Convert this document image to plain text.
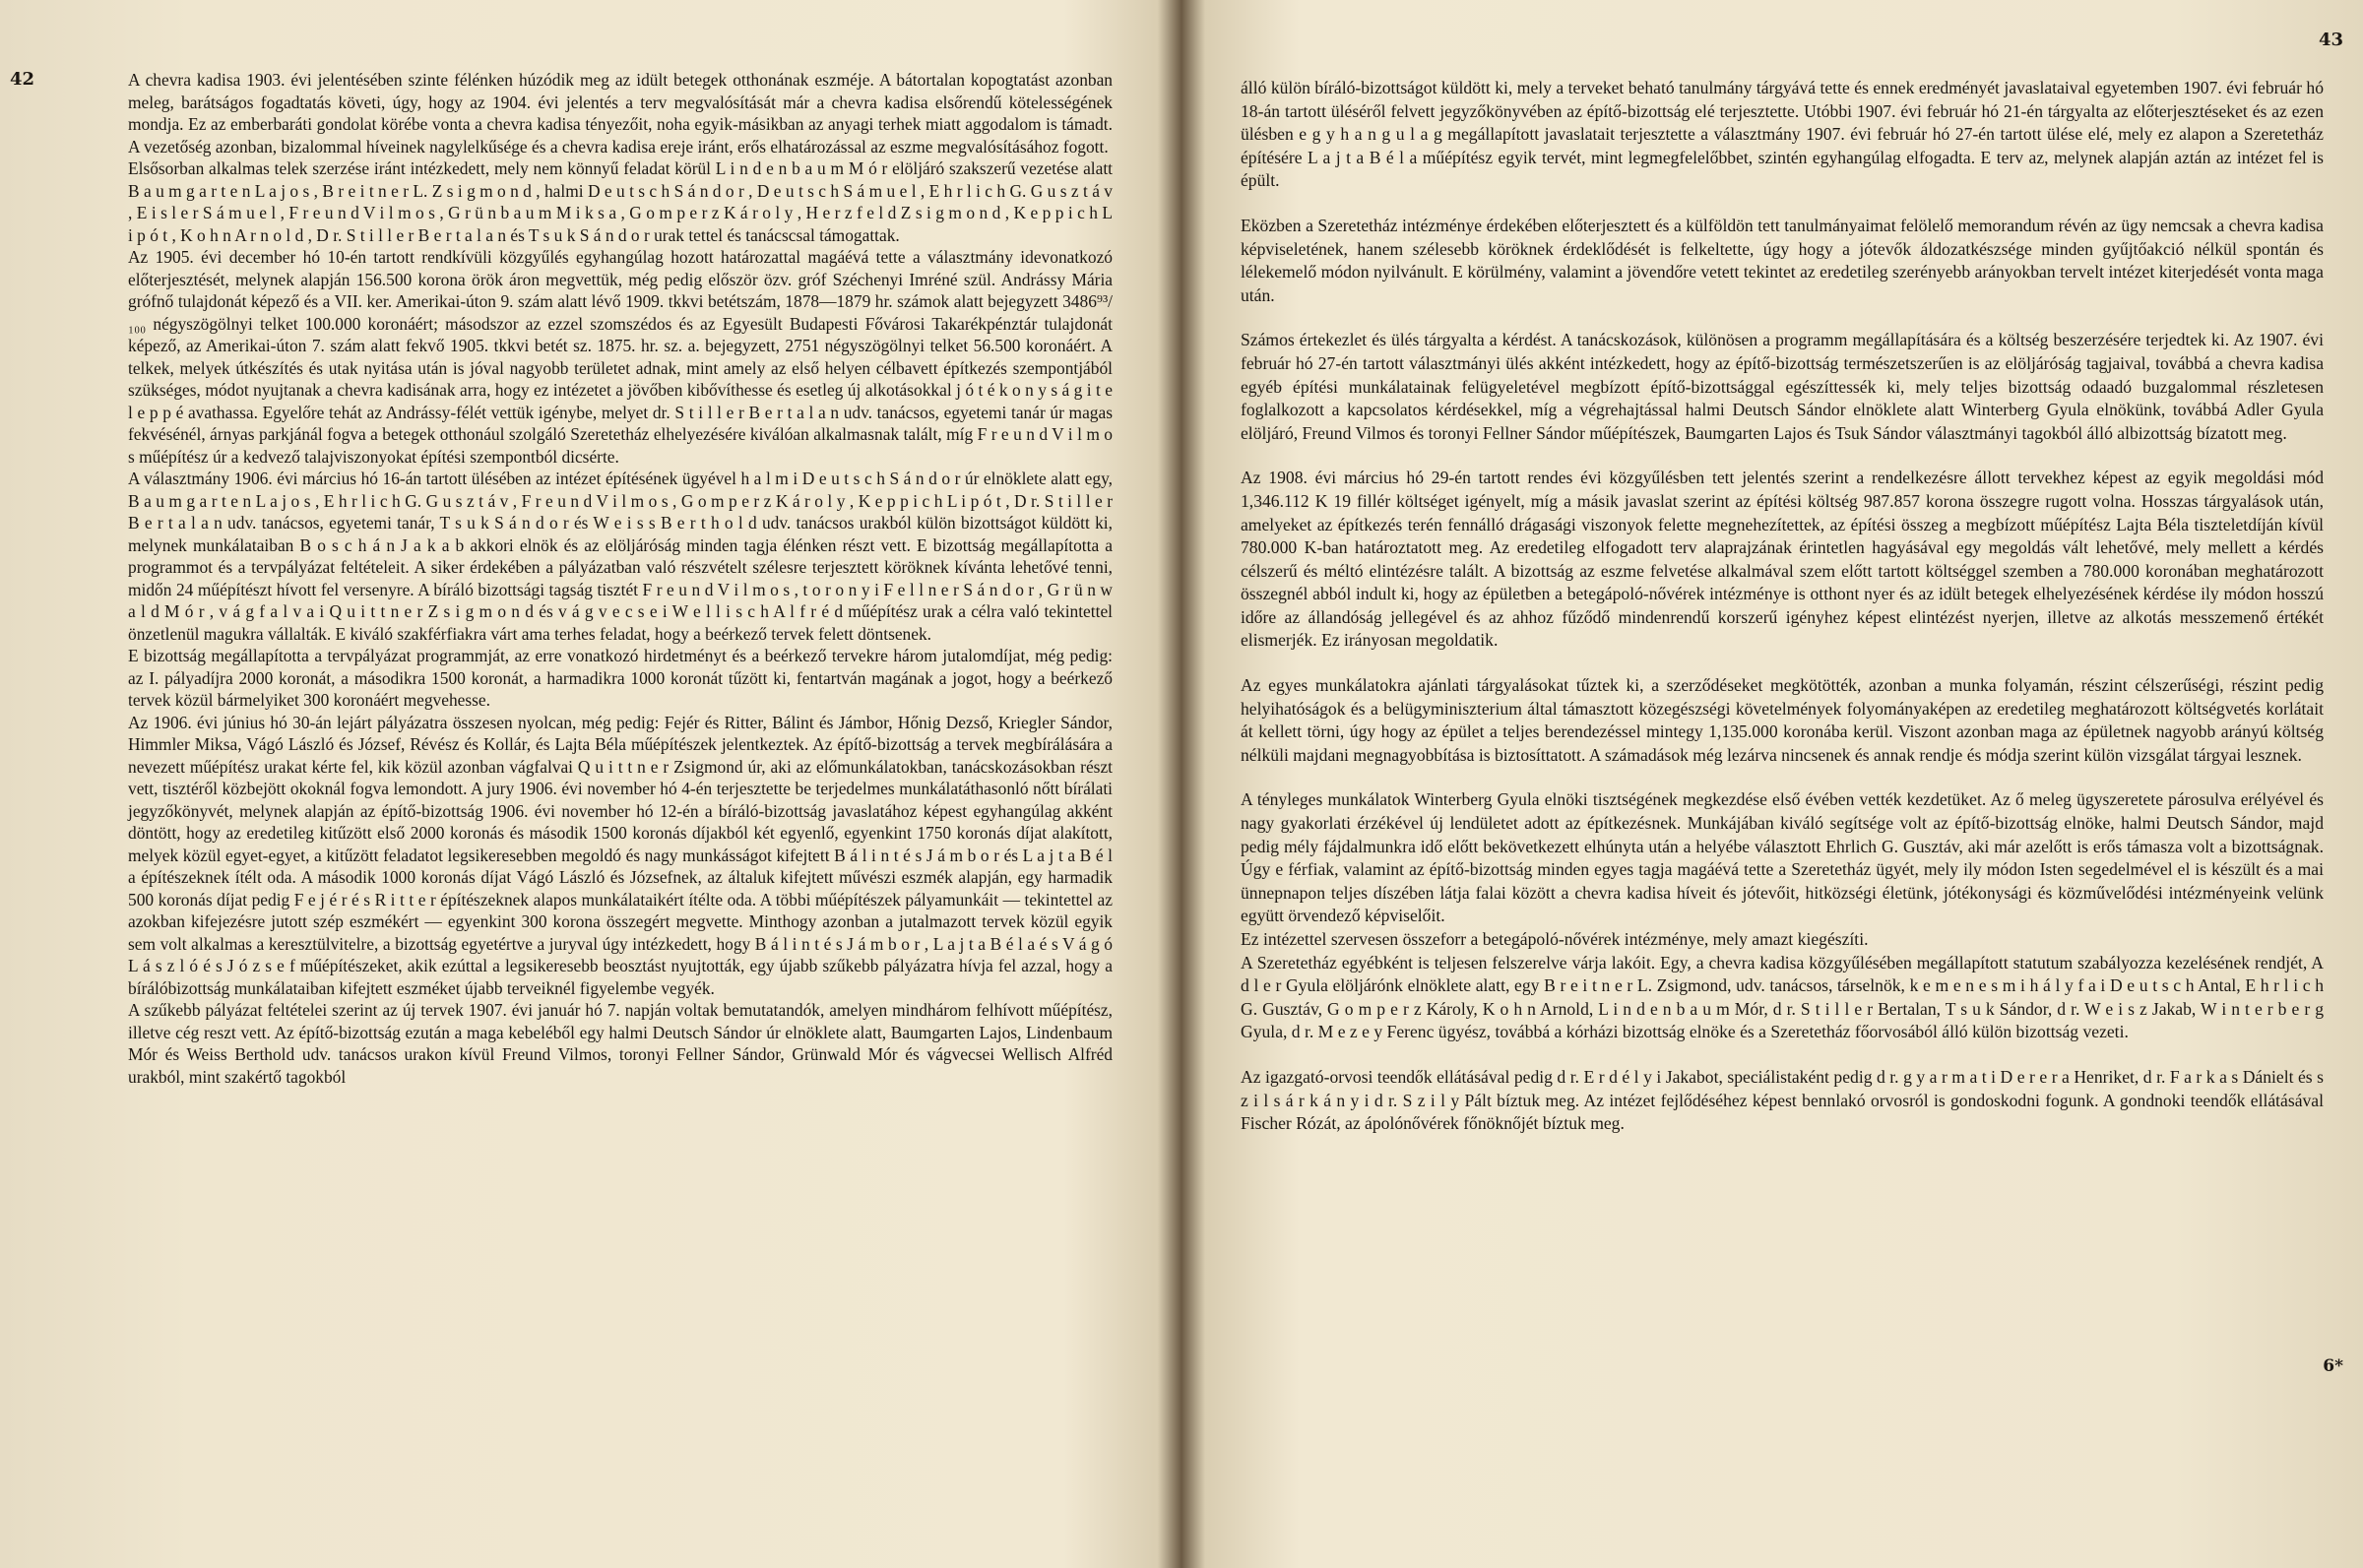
42	A chevra kadisa 1903. évi jelentésében szinte félénken húzódik meg az idült betegek otthonának eszméje. A bátortalan kopogtatást azonban meleg, barátságos fogadtatás követi, úgy, hogy az 1904. évi jelentés a terv megvalósítását már a chevra kadisa elsőrendű kötelességének mondja. Ez az emberbaráti gondolat körébe vonta a chevra kadisa tényezőit, noha egyik-másikban az anyagi terhek miatt aggodalom is támadt. A vezetőség azonban, bizalommal híveinek nagylelkűsége és a chevra kadisa ereje iránt, erős elhatározással az eszme megvalósításához fogott.

Elsősorban alkalmas telek szerzése iránt intézkedett, mely nem könnyű feladat körül L i n d e n b a u m M ó r elöljáró szakszerű vezetése alatt B a u m g a r t e n L a j o s , B r e i t n e r L. Z s i g m o n d , halmi D e u t s c h S á n d o r , D e u t s c h S á m u e l , E h r l i c h G. G u s z t á v , E i s l e r S á m u e l , F r e u n d V i l m o s , G r ü n b a u m M i k s a , G o m p e r z K á r o l y , H e r z f e l d Z s i g m o n d , K e p p i c h L i p ó t , K o h n A r n o l d , D r. S t i l l e r B e r t a l a n és T s u k S á n d o r urak tettel és tanácscsal támogattak.

Az 1905. évi december hó 10-én tartott rendkívüli közgyűlés egyhangúlag hozott határozattal magáévá tette a választmány idevonatkozó előterjesztését, melynek alapján 156.500 korona örök áron megvettük, még pedig először özv. gróf Széchenyi Imréné szül. Andrássy Mária grófnő tulajdonát képező és a VII. ker. Amerikai-úton 9. szám alatt lévő 1909. tkkvi betétszám, 1878—1879 hr. számok alatt bejegyzett 3486⁹³/₁₀₀ négyszögölnyi telket 100.000 koronáért; másodszor az ezzel szomszédos és az Egyesült Budapesti Fővárosi Takarékpénztár tulajdonát képező, az Amerikai-úton 7. szám alatt fekvő 1905. tkkvi betét sz. 1875. hr. sz. a. bejegyzett, 2751 négyszögölnyi telket 56.500 koronáért. A telkek, melyek útkészítés és utak nyitása után is jóval nagyobb területet adnak, mint amely az első helyen célbavett építkezés szempontjából szükséges, módot nyujtanak a chevra kadisának arra, hogy ez intézetet a jövőben kibővíthesse és esetleg új alkotásokkal j ó t é k o n y s á g i t e l e p p é avathassa. Egyelőre tehát az Andrássy-félét vettük igénybe, melyet dr. S t i l l e r B e r t a l a n udv. tanácsos, egyetemi tanár úr magas fekvésénél, árnyas parkjánál fogva a betegek otthonául szolgáló Szeretetház elhelyezésére kiválóan alkalmasnak talált, míg F r e u n d V i l m o s műépítész úr a kedvező talajviszonyokat építési szempontból dicsérte.

A választmány 1906. évi március hó 16-án tartott ülésében az intézet építésének ügyével h a l m i D e u t s c h S á n d o r úr elnöklete alatt egy, B a u m g a r t e n L a j o s , E h r l i c h G. G u s z t á v , F r e u n d V i l m o s , G o m p e r z K á r o l y , K e p p i c h L i p ó t , D r. S t i l l e r B e r t a l a n udv. tanácsos, egyetemi tanár, T s u k S á n d o r és W e i s s B e r t h o l d udv. tanácsos urakból külön bizottságot küldött ki, melynek munkálataiban B o s c h á n J a k a b akkori elnök és az elöljáróság minden tagja élénken részt vett. E bizottság megállapította a programmot és a tervpályázat feltételeit. A siker érdekében a pályázatban való részvételt szélesre terjesztett köröknek kívánta lehetővé tenni, midőn 24 műépítészt hívott fel versenyre. A bíráló bizottsági tagság tisztét F r e u n d V i l m o s , t o r o n y i F e l l n e r S á n d o r , G r ü n w a l d M ó r , v á g f a l v a i Q u i t t n e r Z s i g m o n d és v á g v e c s e i W e l l i s c h A l f r é d műépítész urak a célra való tekintettel önzetlenül magukra vállalták. E kiváló szakférfiakra várt ama terhes feladat, hogy a beérkező tervek felett döntsenek.

E bizottság megállapította a tervpályázat programmját, az erre vonatkozó hirdetményt és a beérkező tervekre három jutalomdíjat, még pedig: az I. pályadíjra 2000 koronát, a másodikra 1500 koronát, a harmadikra 1000 koronát tűzött ki, fentartván magának a jogot, hogy a beérkező tervek közül bármelyiket 300 koronáért megvehesse.

Az 1906. évi június hó 30-án lejárt pályázatra összesen nyolcan, még pedig: Fejér és Ritter, Bálint és Jámbor, Hőnig Dezső, Kriegler Sándor, Himmler Miksa, Vágó László és József, Révész és Kollár, és Lajta Béla műépítészek jelentkeztek. Az építő-bizottság a tervek megbírálására a nevezett műépítész urakat kérte fel, kik közül azonban vágfalvai Q u i t t n e r Zsigmond úr, aki az előmunkálatokban, tanácskozásokban részt vett, tisztéről közbejött okoknál fogva lemondott. A jury 1906. évi november hó 4-én terjesztette be terjedelmes munkálatáthasonló nőtt bírálati jegyzőkönyvét, melynek alapján az építő-bizottság 1906. évi november hó 12-én a bíráló-bizottság javaslatához képest egyhangúlag akként döntött, hogy az eredetileg kitűzött első 2000 koronás és második 1500 koronás díjakból két egyenlő, egyenkint 1750 koronás díjat alakított, melyek közül egyet-egyet, a kitűzött feladatot legsikeresebben megoldó és nagy munkásságot kifejtett B á l i n t é s J á m b o r és L a j t a B é l a építészeknek ítélt oda. A második 1000 koronás díjat Vágó László és Józsefnek, az általuk kifejtett művészi eszmék alapján, egy harmadik 500 koronás díjat pedig F e j é r é s R i t t e r építészeknek alapos munkálataikért ítélte oda. A többi műépítészek pályamunkáit — tekintettel az azokban kifejezésre jutott szép eszmékért — egyenkint 300 korona összegért megvette. Minthogy azonban a jutalmazott tervek közül egyik sem volt alkalmas a keresztülvitelre, a bizottság egyetértve a juryval úgy intézkedett, hogy B á l i n t é s J á m b o r , L a j t a B é l a é s V á g ó L á s z l ó é s J ó z s e f műépítészeket, akik ezúttal a legsikeresebb beosztást nyujtották, egy újabb szűkebb pályázatra hívja fel azzal, hogy a bírálóbizottság munkálataiban kifejtett eszméket újabb terveiknél figyelembe vegyék.

A szűkebb pályázat feltételei szerint az új tervek 1907. évi január hó 7. napján voltak bemutatandók, amelyen mindhárom felhívott műépítész, illetve cég reszt vett. Az építő-bizottság ezután a maga kebeléből egy halmi Deutsch Sándor úr elnöklete alatt, Baumgarten Lajos, Lindenbaum Mór és Weiss Berthold udv. tanácsos urakon kívül Freund Vilmos, toronyi Fellner Sándor, Grünwald Mór és vágvecsei Wellisch Alfréd urakból, mint szakértő tagokból

43

álló külön bíráló-bizottságot küldött ki, mely a terveket beható tanulmány tárgyává tette és ennek eredményét javaslataival egyetemben 1907. évi február hó 18-án tartott üléséről felvett jegyzőkönyvében az építő-bizottság elé terjesztette. Utóbbi 1907. évi február hó 21-én tárgyalta az előterjesztéseket és az ezen ülésben e g y h a n g u l a g megállapított javaslatait terjesztette a választmány 1907. évi február hó 27-én tartott ülése elé, mely ez alapon a Szeretetház építésére L a j t a B é l a műépítész egyik tervét, mint legmegfelelőbbet, szintén egyhangúlag elfogadta. E terv az, melynek alapján aztán az intézet fel is épült.

Eközben a Szeretetház intézménye érdekében előterjesztett és a külföldön tett tanulmányaimat felölelő memorandum révén az ügy nemcsak a chevra kadisa képviseletének, hanem szélesebb köröknek érdeklődését is felkeltette, úgy hogy a jótevők áldozatkészsége minden gyűjtőakció nélkül spontán és lélekemelő módon nyilvánult. E körülmény, valamint a jövendőre vetett tekintet az eredetileg szerényebb arányokban tervelt intézet kiterjedését vonta maga után.

Számos értekezlet és ülés tárgyalta a kérdést. A tanácskozások, különösen a programm megállapítására és a költség beszerzésére terjedtek ki. Az 1907. évi február hó 27-én tartott választmányi ülés akként intézkedett, hogy az építő-bizottság természetszerűen is az elöljáróság tagjaival, továbbá a chevra kadisa egyéb építési munkálatainak felügyeletével megbízott építő-bizottsággal egészíttessék ki, mely teljes bizottság odaadó buzgalommal részletesen foglalkozott a kapcsolatos kérdésekkel, míg a végrehajtással halmi Deutsch Sándor elnöklete alatt Winterberg Gyula elnökünk, továbbá Adler Gyula elöljáró, Freund Vilmos és toronyi Fellner Sándor műépítészek, Baumgarten Lajos és Tsuk Sándor választmányi tagokból álló albizottság bízatott meg.

Az 1908. évi március hó 29-én tartott rendes évi közgyűlésben tett jelentés szerint a rendelkezésre állott tervekhez képest az egyik megoldási mód 1,346.112 K 19 fillér költséget igényelt, míg a másik javaslat szerint az építési költség 987.857 korona összegre rugott volna. Hosszas tárgyalások után, amelyeket az építkezés terén fennálló drágasági viszonyok felette megnehezítettek, az építési összeg a megbízott műépítész Lajta Béla tiszteletdíján kívül 780.000 K-ban határoztatott meg. Az eredetileg elfogadott terv alaprajzának érintetlen hagyásával egy megoldás vált lehetővé, mely mellett a kérdés célszerű és méltó elintézésre talált. A bizottság az eszme felvetése alkalmával szem előtt tartott költséggel szemben a 780.000 koronában meghatározott összegnél abból indult ki, hogy az épületben a betegápoló-nővérek intézménye is otthont nyer és az idült betegek elhelyezésének kérdése ily módon hosszú időre az állandóság jellegével és az ahhoz fűződő mindenrendű korszerű igényhez képest elintézést nyerjen, illetve az alkotás messzemenő értékét elismerjék. Ez irányosan megoldatik.

Az egyes munkálatokra ajánlati tárgyalásokat tűztek ki, a szerződéseket megkötötték, azonban a munka folyamán, részint célszerűségi, részint pedig helyihatóságok és a belügyminiszterium által támasztott közegészségi követelmények folyományaképen az eredetileg meghatározott költségvetés korlátait át kellett törni, úgy hogy az épület a teljes berendezéssel mintegy 1,135.000 koronába kerül. Viszont azonban maga az épületnek nagyobb arányú költség nélküli majdani megnagyobbítása is biztosíttatott. A számadások még lezárva nincsenek és annak rendje és módja szerint külön vizsgálat tárgyai lesznek.

A tényleges munkálatok Winterberg Gyula elnöki tisztségének megkezdése első évében vették kezdetüket. Az ő meleg ügyszeretete párosulva erélyével és nagy gyakorlati érzékével új lendületet adott az építkezésnek. Munkájában kiváló segítsége volt az építő-bizottság elnöke, halmi Deutsch Sándor, majd pedig mély fájdalmunkra idő előtt bekövetkezett elhúnyta után a helyébe választott Ehrlich G. Gusztáv, aki már azelőtt is erős támasza volt a bizottságnak. Úgy e férfiak, valamint az építő-bizottság minden egyes tagja magáévá tette a Szeretetház ügyét, mely ily módon Isten segedelmével el is készült és a mai ünnepnapon teljes díszében látja falai között a chevra kadisa híveit és jótevőit, hitközségi életünk, jótékonysági és közművelődési intézményeink velünk együtt örvendező képviselőit.

Ez intézettel szervesen összeforr a betegápoló-nővérek intézménye, mely amazt kiegészíti.

A Szeretetház egyébként is teljesen felszerelve várja lakóit. Egy, a chevra kadisa közgyűlésében megállapított statutum szabályozza kezelésének rendjét, A d l e r Gyula elöljárónk elnöklete alatt, egy B r e i t n e r L. Zsigmond, udv. tanácsos, társelnök, k e m e n e s m i h á l y f a i D e u t s c h Antal, E h r l i c h G. Gusztáv, G o m p e r z Károly, K o h n Arnold, L i n d e n b a u m Mór, d r. S t i l l e r Bertalan, T s u k Sándor, d r. W e i s z Jakab, W i n t e r b e r g Gyula, d r. M e z e y Ferenc ügyész, továbbá a kórházi bizottság elnöke és a Szeretetház főorvosából álló külön bizottság vezeti.

Az igazgató-orvosi teendők ellátásával pedig d r. E r d é l y i Jakabot, speciálistaként pedig d r. g y a r m a t i D e r e r a Henriket, d r. F a r k a s Dánielt és s z i l s á r k á n y i d r. S z i l y Pált bíztuk meg. Az intézet fejlődéséhez képest bennlakó orvosról is gondoskodni fogunk. A gondnoki teendők ellátásával Fischer Rózát, az ápolónővérek főnöknőjét bíztuk meg.

6*
